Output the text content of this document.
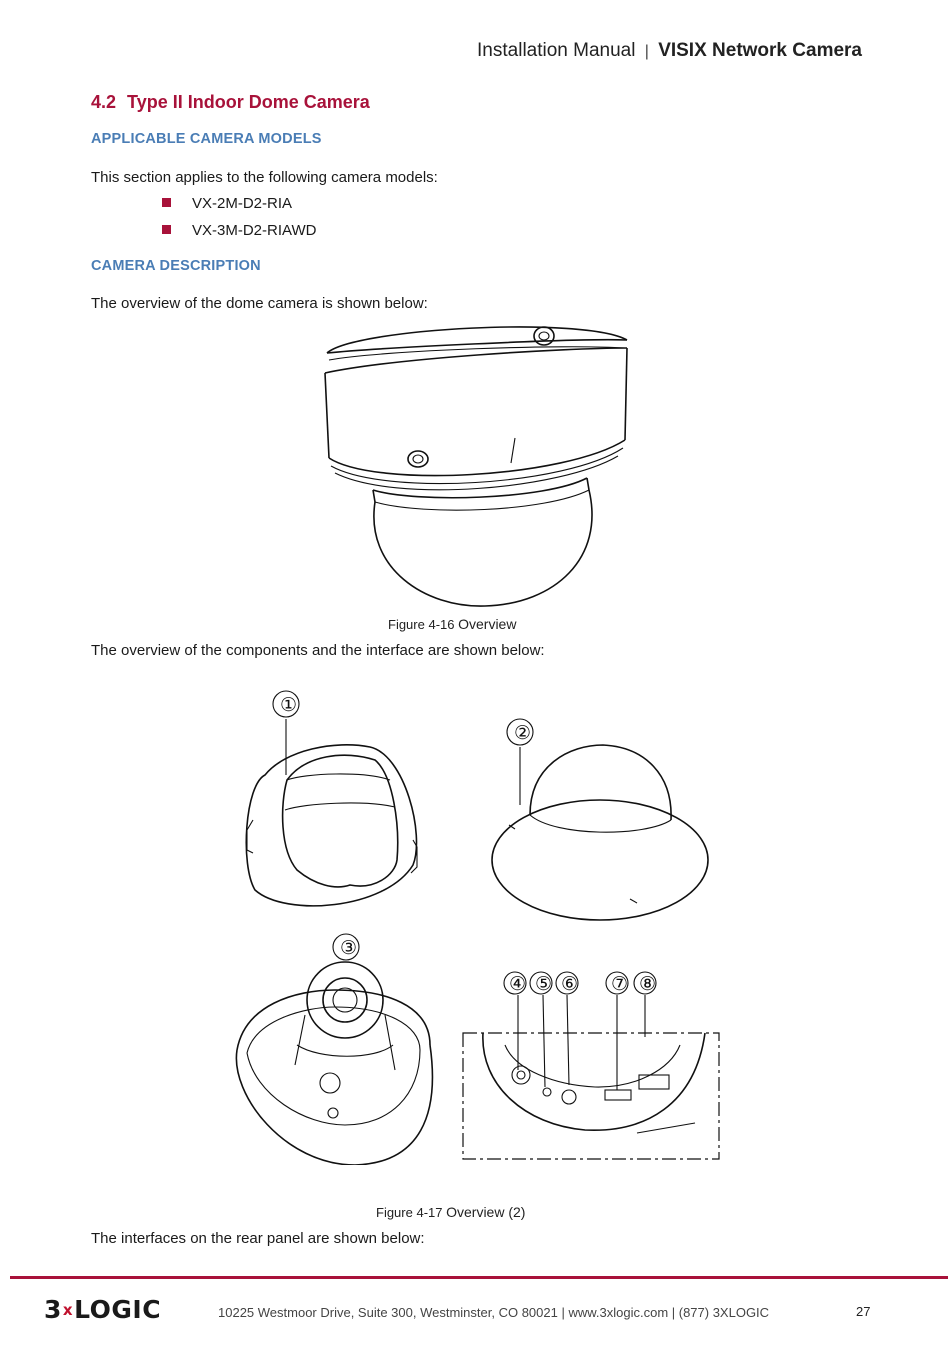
Installation Manual | VISIX Network Camera
4.2 Type II Indoor Dome Camera
APPLICABLE CAMERA MODELS
This section applies to the following camera models:
VX-2M-D2-RIA
VX-3M-D2-RIAWD
CAMERA DESCRIPTION
The overview of the dome camera is shown below:
Figure 4-16 Overview
The overview of the components and the interface are shown below:
①
②
③
④ ⑤ ⑥ ⑦ ⑧
Figure 4-17 Overview (2)
The interfaces on the rear panel are shown below:
3xLOGIC	10225 Westmoor Drive, Suite 300, Westminster, CO 80021 | www.3xlogic.com | (877) 3XLOGIC	27
